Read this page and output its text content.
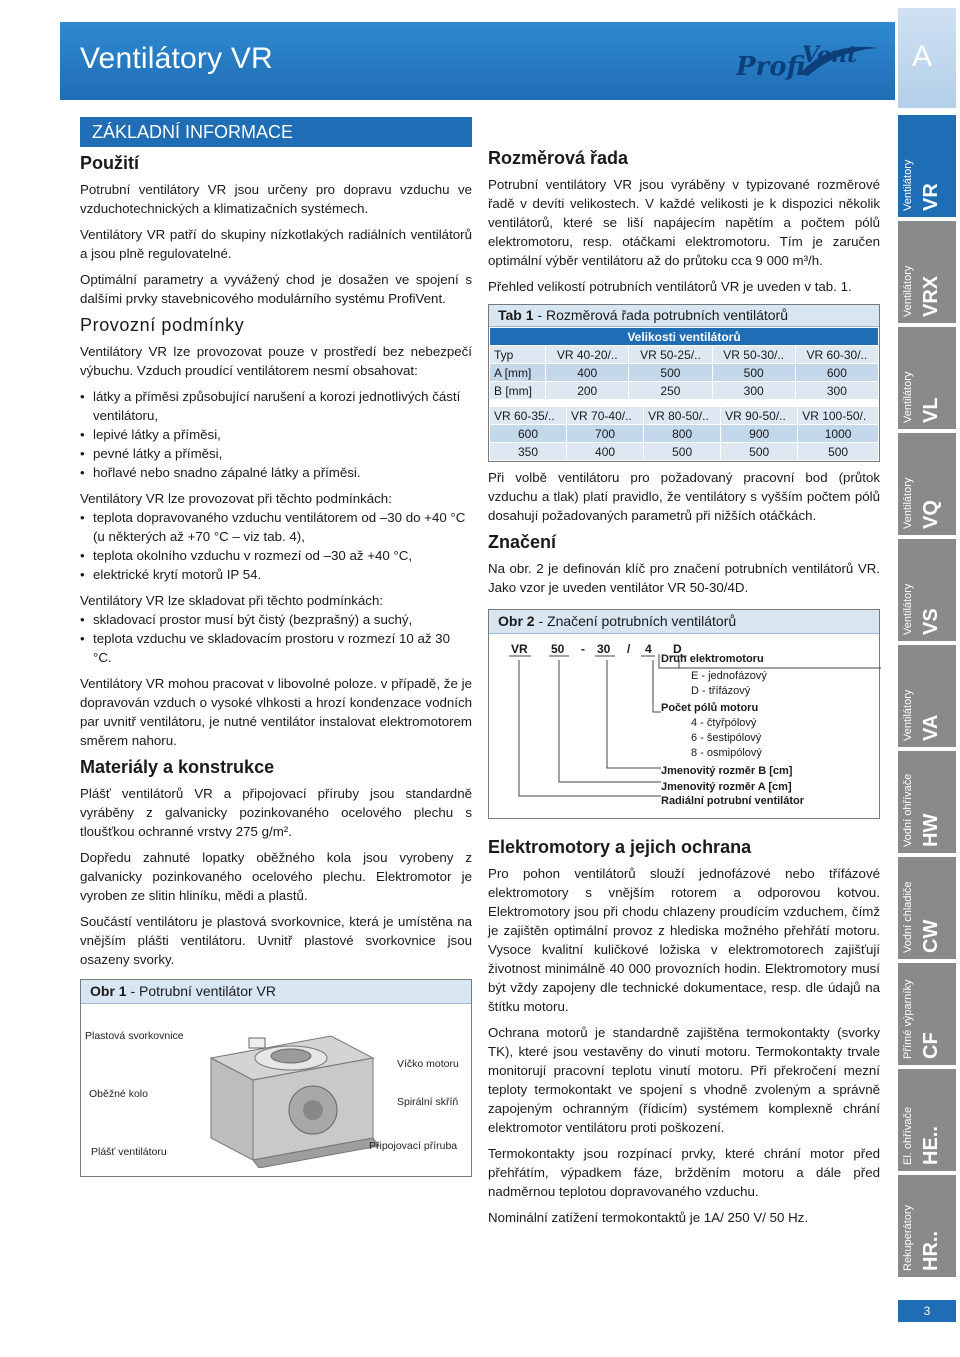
Ventilátory VR	Profi
Vent A
Ventilátory VR
Ventilátory VRX
Ventilátory VL
Ventilátory VQ
Ventilátory VS
Ventilátory VA
Vodní ohřívače HW
Vodní chladiče CW
Přímé výparníky CF
El. ohřívače HE..
Rekuperátory HR..
3
ZÁKLADNÍ INFORMACE
Použití
Potrubní ventilátory VR jsou určeny pro dopravu vzduchu ve vzduchotechnických a klimatizačních systémech.
Ventilátory VR patří do skupiny nízkotlakých radiálních ventilátorů a jsou plně regulovatelné.
Optimální parametry a vyvážený chod je dosažen ve spojení s dalšími prvky stavebnicového modulárního systému ProfiVent.
Provozní podmínky
Ventilátory VR lze provozovat pouze v prostředí bez nebezpečí výbuchu. Vzduch proudící ventilátorem nesmí obsahovat:
• látky a příměsi způsobující narušení a korozi jednotlivých částí ventilátoru,
• lepivé látky a příměsi,
• pevné látky a příměsi,
• hořlavé nebo snadno zápalné látky a příměsi.
Ventilátory VR lze provozovat při těchto podmínkách:
• teplota dopravovaného vzduchu ventilátorem od –30 do +40 °C (u některých až +70 °C – viz tab. 4),
• teplota okolního vzduchu v rozmezí od –30 až +40 °C,
• elektrické krytí motorů IP 54.
Ventilátory VR lze skladovat při těchto podmínkách:
• skladovací prostor musí být čistý (bezprašný) a suchý,
• teplota vzduchu ve skladovacím prostoru v rozmezí 10 až 30 °C.
Ventilátory VR mohou pracovat v libovolné poloze. v případě, že je dopravován vzduch o vysoké vlhkosti a hrozí kondenzace vodních par uvnitř ventilátoru, je nutné ventilátor instalovat elektromotorem směrem nahoru.
Materiály a konstrukce
Plášť ventilátorů VR a připojovací příruby jsou standardně vyráběny z galvanicky pozinkovaného ocelového plechu s tloušťkou ochranné vrstvy 275 g/m².
Dopředu zahnuté lopatky oběžného kola jsou vyrobeny z galvanicky pozinkovaného ocelového plechu. Elektromotor je vyroben ze slitin hliníku, mědi a plastů.
Součástí ventilátoru je plastová svorkovnice, která je umístěna na vnějším plášti ventilátoru. Uvnitř plastové svorkovnice jsou osazeny svorky.
Obr 1 - Potrubní ventilátor VR
Plastová svorkovnice
Víčko motoru
Oběžné kolo
Spirální skříň
Plášť ventilátoru	Připojovací příruba
Rozměrová řada
Potrubní ventilátory VR jsou vyráběny v typizované rozměrové řadě v devíti velikostech. V každé velikosti je k dispozici několik ventilátorů, které se liší napájecím napětím a počtem pólů elektromotoru, resp. otáčkami elektromotoru. Tím je zaručen optimální výběr ventilátoru až do průtoku cca 9 000 m³/h.
Přehled velikostí potrubních ventilátorů VR je uveden v tab. 1.
Tab 1 - Rozměrová řada potrubních ventilátorů
Velikosti ventilátorů				
Typ	VR 40-20/..	VR 50-25/..	VR 50-30/..	VR 60-30/..
A [mm]	400	500	500	600
B [mm]	200	250	300	300
VR 60-35/..	VR 70-40/..	VR 80-50/..	VR 90-50/..	VR 100-50/.
600	700	800	900	1000
350	400	500	500	500
Při volbě ventilátoru pro požadovaný pracovní bod (průtok vzduchu a tlak) platí pravidlo, že ventilátory s vyšším počtem pólů dosahují požadovaných parametrů při nižších otáčkách.
Značení
Na obr. 2 je definován klíč pro značení potrubních ventilátorů VR. Jako vzor je uveden ventilátor VR 50-30/4D.
Obr 2 - Značení potrubních ventilátorů
VR 50 - 30 / 4 D
Druh elektromotoru
E - jednofázový
D - třífázový
Počet pólů motoru
4 - čtyřpólový
6 - šestipólový
8 - osmipólový
Jmenovitý rozměr B [cm]
Jmenovitý rozměr A [cm]
Radiální potrubní ventilátor
Elektromotory a jejich ochrana
Pro pohon ventilátorů slouží jednofázové nebo třífázové elektromotory s vnějším rotorem a odporovou kotvou. Elektromotory jsou při chodu chlazeny proudícím vzduchem, čímž je zajištěn optimální provoz z hlediska možného přehřátí motoru. Vysoce kvalitní kuličkové ložiska v elektromotorech zajišťují životnost minimálně 40 000 provozních hodin. Elektromotory musí být vždy zapojeny dle technické dokumentace, resp. dle údajů na štítku motoru.
Ochrana motorů je standardně zajištěna termokontakty (svorky TK), které jsou vestavěny do vinutí motoru. Termokontakty trvale monitorují pracovní teplotu vinutí motoru. Při překročení mezní teploty termokontakt ve spojení s vhodně zvoleným a správně zapojeným ochranným (řídicím) systémem komplexně chrání elektromotor ventilátoru proti poškození.
Termokontakty jsou rozpínací prvky, které chrání motor před přehřátím, výpadkem fáze, bržděním motoru a dále před nadměrnou teplotou dopravovaného vzduchu.
Nominální zatížení termokontaktů je 1A/ 250 V/ 50 Hz.
